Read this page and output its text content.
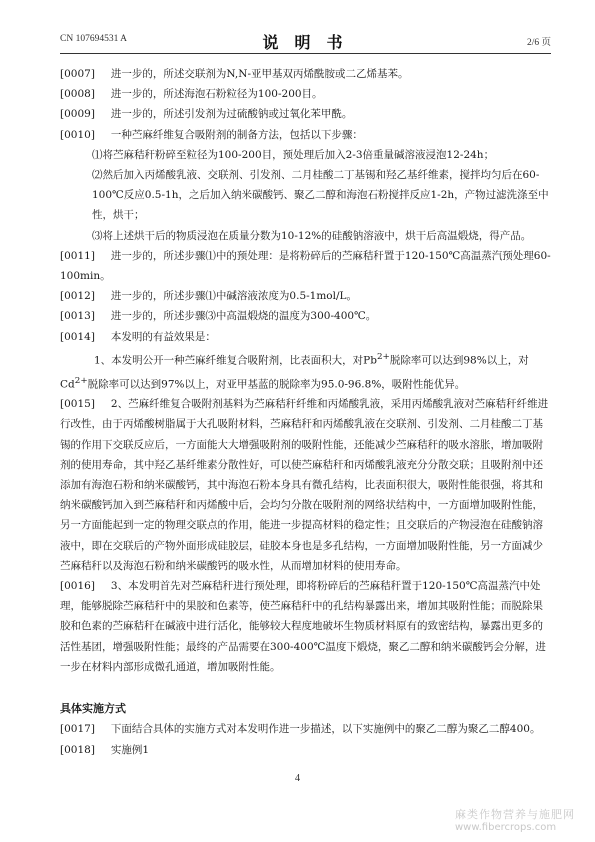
CN 107694531 A	说 明 书	2/6 页

[0007] 进一步的，所述交联剂为N,N-亚甲基双丙烯酰胺或二乙烯基苯。

[0008] 进一步的，所述海泡石粉粒径为100-200目。

[0009] 进一步的，所述引发剂为过硫酸钠或过氧化苯甲酰。

[0010] 一种苎麻纤维复合吸附剂的制备方法，包括以下步骤：

⑴将苎麻秸秆粉碎至粒径为100-200目，预处理后加入2-3倍重量碱溶液浸泡12-24h；

⑵然后加入丙烯酸乳液、交联剂、引发剂、二月桂酸二丁基锡和羟乙基纤维素，搅拌均匀后在60-100℃反应0.5-1h，之后加入纳米碳酸钙、聚乙二醇和海泡石粉搅拌反应1-2h，产物过滤洗涤至中性，烘干；

⑶将上述烘干后的物质浸泡在质量分数为10-12%的硅酸钠溶液中，烘干后高温煅烧，得产品。

[0011] 进一步的，所述步骤⑴中的预处理：是将粉碎后的苎麻秸秆置于120-150℃高温蒸汽预处理60-100min。

[0012] 进一步的，所述步骤⑴中碱溶液浓度为0.5-1mol/L。

[0013] 进一步的，所述步骤⑶中高温煅烧的温度为300-400℃。

[0014] 本发明的有益效果是：

1、本发明公开一种苎麻纤维复合吸附剂，比表面积大，对$Pb^{2+}$脱除率可以达到98%以上，对$Cd^{2+}$脱除率可以达到97%以上，对亚甲基蓝的脱除率为95.0-96.8%，吸附性能优异。

[0015] 2、苎麻纤维复合吸附剂基料为苎麻秸秆纤维和丙烯酸乳液，采用丙烯酸乳液对苎麻秸秆纤维进行改性，由于丙烯酸树脂属于大孔吸附材料，苎麻秸秆和丙烯酸乳液在交联剂、引发剂、二月桂酸二丁基锡的作用下交联反应后，一方面能大大增强吸附剂的吸附性能，还能减少苎麻秸秆的吸水溶胀，增加吸附剂的使用寿命，其中羟乙基纤维素分散性好，可以使苎麻秸秆和丙烯酸乳液充分分散交联；且吸附剂中还添加有海泡石粉和纳米碳酸钙，其中海泡石粉本身具有微孔结构，比表面积很大，吸附性能很强，将其和纳米碳酸钙加入到苎麻秸秆和丙烯酸中后，会均匀分散在吸附剂的网络状结构中，一方面增加吸附性能，另一方面能起到一定的物理交联点的作用，能进一步提高材料的稳定性；且交联后的产物浸泡在硅酸钠溶液中，即在交联后的产物外面形成硅胶层，硅胶本身也是多孔结构，一方面增加吸附性能，另一方面减少苎麻秸秆以及海泡石粉和纳米碳酸钙的吸水性，从而增加材料的使用寿命。

[0016] 3、本发明首先对苎麻秸秆进行预处理，即将粉碎后的苎麻秸秆置于120-150℃高温蒸汽中处理，能够脱除苎麻秸秆中的果胶和色素等，使苎麻秸秆中的孔结构暴露出来，增加其吸附性能；而脱除果胶和色素的苎麻秸秆在碱液中进行活化，能够较大程度地破坏生物质材料原有的致密结构，暴露出更多的活性基团，增强吸附性能；最终的产品需要在300-400℃温度下煅烧，聚乙二醇和纳米碳酸钙会分解，进一步在材料内部形成微孔通道，增加吸附性能。

具体实施方式

[0017] 下面结合具体的实施方式对本发明作进一步描述，以下实施例中的聚乙二醇为聚乙二醇400。

[0018] 实施例1

4
麻类作物营养与施肥网
www.fibercrops.com
